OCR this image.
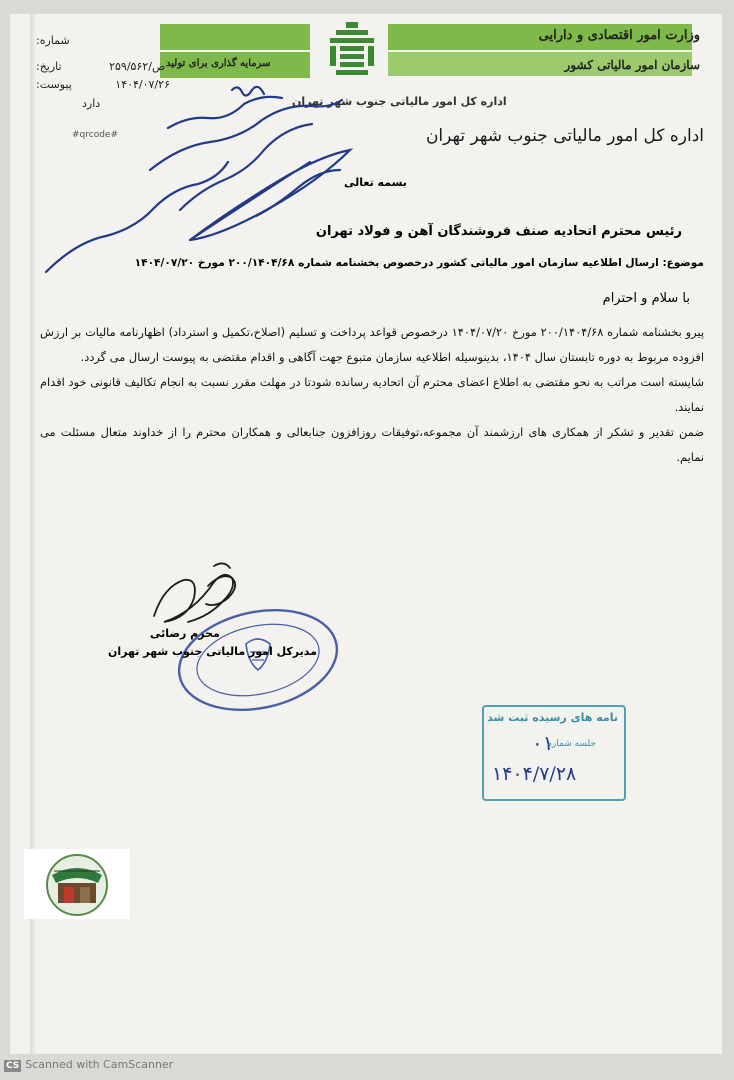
وزارت امور اقتصادی و دارایی
سازمان امور مالیاتی کشور
سرمایه گذاری برای تولید
اداره کل امور مالیاتی جنوب شهر تهران
اداره کل امور مالیاتی جنوب شهر تهران
شماره:
۲۵۹/۵۶۲/ص تاریخ:
۱۴۰۴/۰۷/۲۶ پیوست:
دارد
#qrcode#
بسمه تعالی
رئیس محترم اتحادیه صنف فروشندگان آهن و فولاد تهران
موضوع: ارسال اطلاعیه سازمان امور مالیاتی کشور درخصوص بخشنامه شماره ۲۰۰/۱۴۰۴/۶۸ مورخ ۱۴۰۴/۰۷/۲۰
با سلام و احترام

پیرو بخشنامه شماره ۲۰۰/۱۴۰۴/۶۸ مورخ ۱۴۰۴/۰۷/۲۰ درخصوص قواعد پرداخت و تسلیم (اصلاح،تکمیل و استرداد) اظهارنامه مالیات بر ارزش افزوده مربوط به دوره تابستان سال ۱۴۰۴، بدینوسیله اطلاعیه سازمان متبوع جهت آگاهی و اقدام مقتضی به پیوست ارسال می گردد.

شایسته است مراتب به نحو مقتضی به اطلاع اعضای محترم آن اتحادیه رسانده شودتا در مهلت مقرر نسبت به انجام تکالیف قانونی خود اقدام نمایند.

ضمن تقدیر و تشکر از همکاری های ارزشمند آن مجموعه،توفیقات روزافزون جنابعالی و همکاران محترم را از خداوند متعال مسئلت می نمایم.

محرم رضائی
مدیرکل امور مالیاتی جنوب شهر تهران
نامه های رسیده ثبت شد
جلسه شماره
۰۱
۱۴۰۴/۷/۲۸
CS Scanned with CamScanner
